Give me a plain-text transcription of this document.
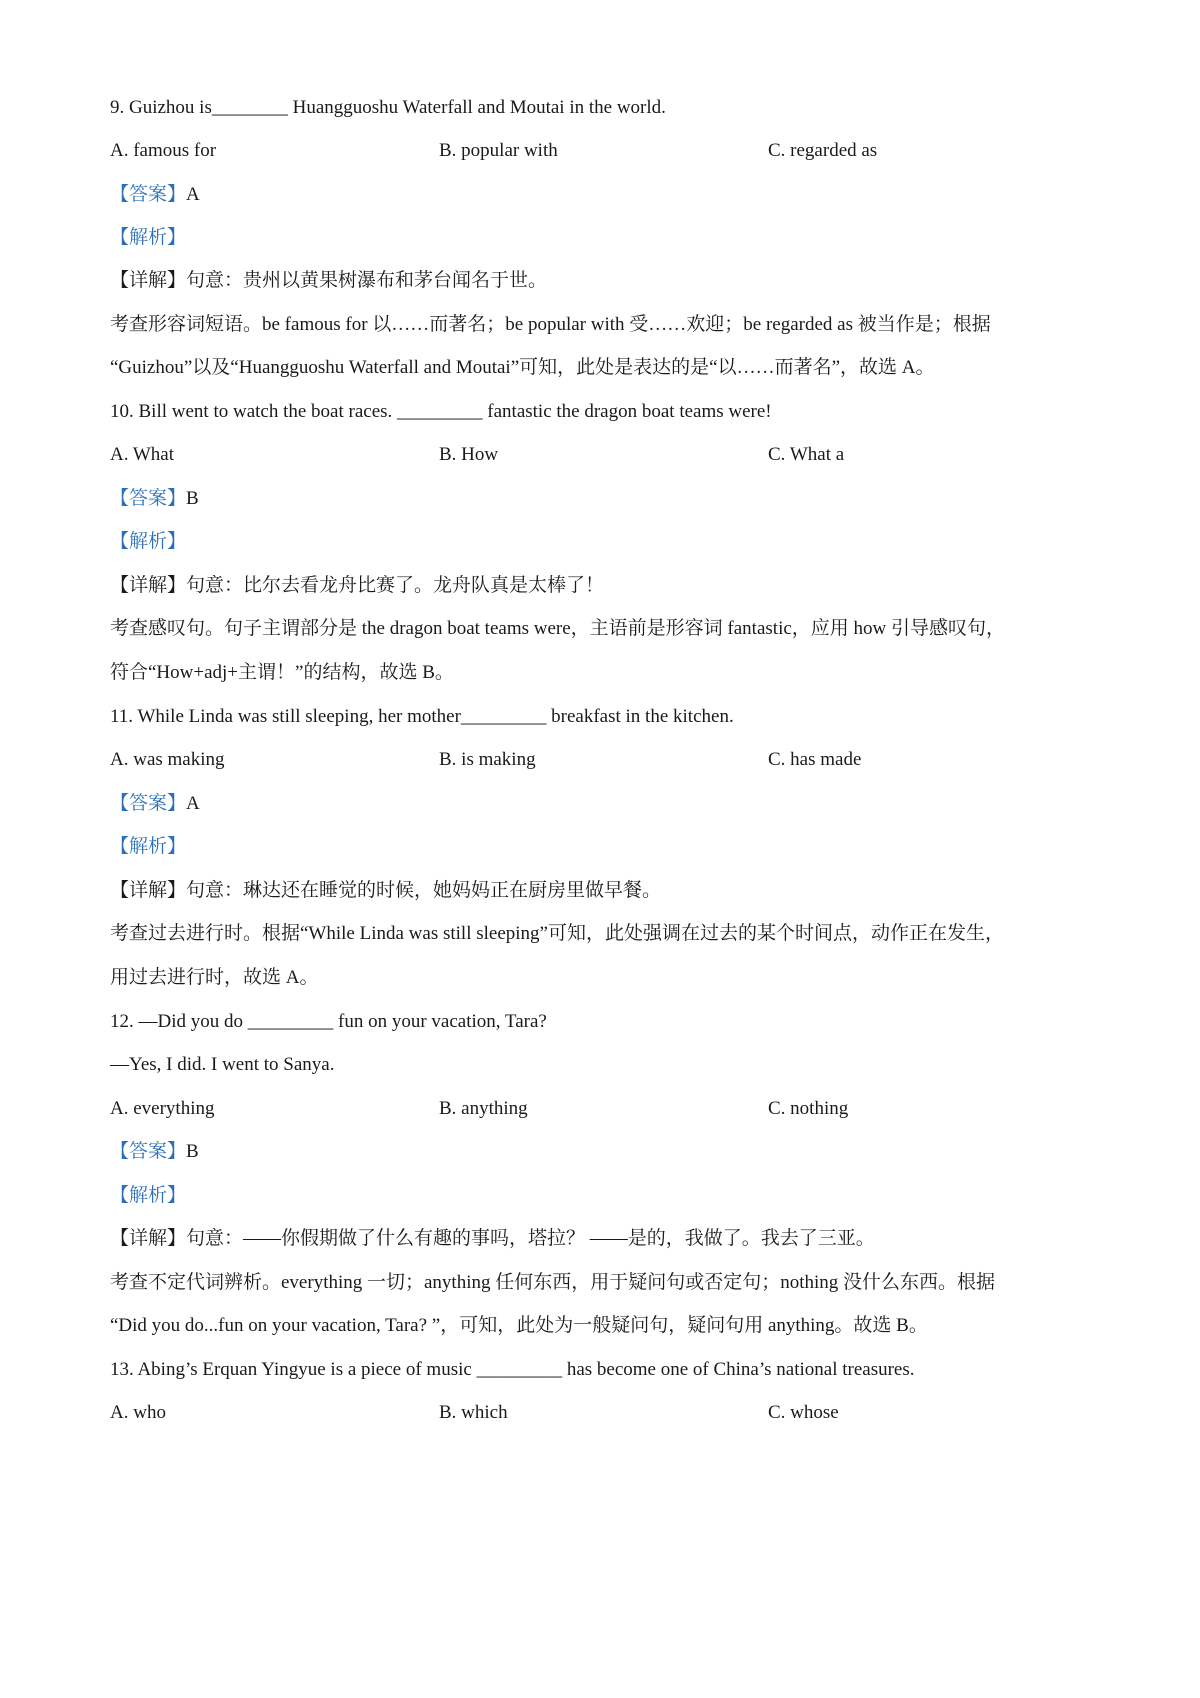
9. Guizhou is________ Huangguoshu Waterfall and Moutai in the world.
A. famous for	B. popular with	C. regarded as
【答案】A
【解析】
【详解】句意：贵州以黄果树瀑布和茅台闻名于世。
考查形容词短语。be famous for 以……而著名；be popular with 受……欢迎；be regarded as 被当作是；根据
“Guizhou”以及“Huangguoshu Waterfall and Moutai”可知，此处是表达的是“以……而著名”，故选 A。
10. Bill went to watch the boat races. _________ fantastic the dragon boat teams were!
A. What	B. How	C. What a
【答案】B
【解析】
【详解】句意：比尔去看龙舟比赛了。龙舟队真是太棒了！
考查感叹句。句子主谓部分是 the dragon boat teams were，主语前是形容词 fantastic，应用 how 引导感叹句，
符合“How+adj+主谓！”的结构，故选 B。
11. While Linda was still sleeping, her mother_________ breakfast in the kitchen.
A. was making	B. is making	C. has made
【答案】A
【解析】
【详解】句意：琳达还在睡觉的时候，她妈妈正在厨房里做早餐。
考查过去进行时。根据“While Linda was still sleeping”可知，此处强调在过去的某个时间点，动作正在发生，
用过去进行时，故选 A。
12. —Did you do _________ fun on your vacation, Tara?
—Yes, I did. I went to Sanya.
A. everything	B. anything	C. nothing
【答案】B
【解析】
【详解】句意：——你假期做了什么有趣的事吗，塔拉？ ——是的，我做了。我去了三亚。
考查不定代词辨析。everything 一切；anything 任何东西，用于疑问句或否定句；nothing 没什么东西。根据
“Did you do...fun on your vacation, Tara? ”，可知，此处为一般疑问句，疑问句用 anything。故选 B。
13. Abing’s Erquan Yingyue is a piece of music _________ has become one of China’s national treasures.
A. who	B. which	C. whose
